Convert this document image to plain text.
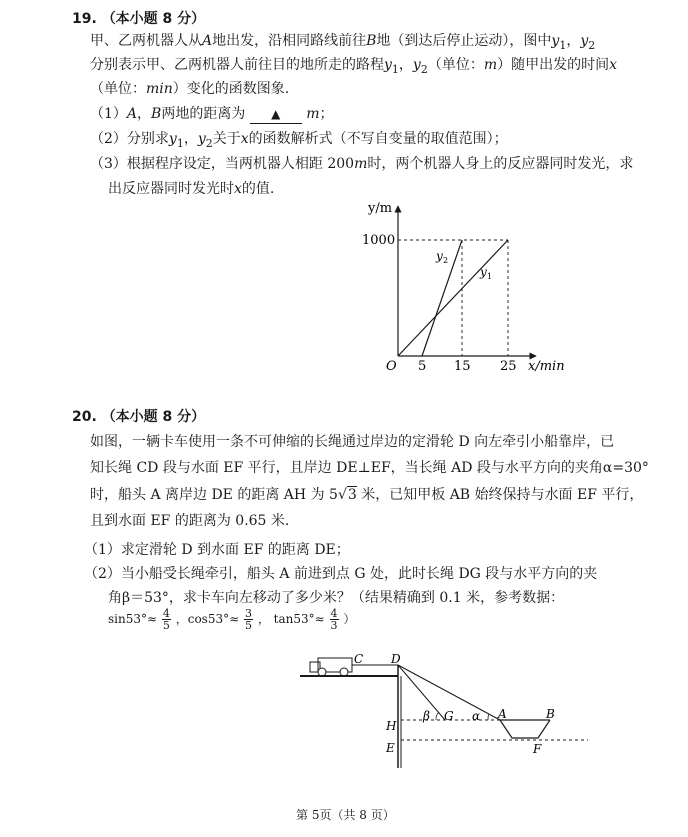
19. （本小题 8 分）
甲、乙两机器人从A地出发，沿相同路线前往B地（到达后停止运动），图中$y_1$，$y_2$
分别表示甲、乙两机器人前往目的地所走的路程$y_1$，$y_2$（单位：m）随甲出发的时间x
（单位：min）变化的函数图象.
（1）A，B两地的距离为 ▲ m；
（2）分别求$y_1$，$y_2$关于x的函数解析式（不写自变量的取值范围）；
（3）根据程序设定，当两机器人相距 200m时，两个机器人身上的反应器同时发光，求
出反应器同时发光时x的值.
y/m
1000
O 5 15 25 x/min
y 2
y 1
20. （本小题 8 分）
如图，一辆卡车使用一条不可伸缩的长绳通过岸边的定滑轮 D 向左牵引小船靠岸，已
知长绳 CD 段与水面 EF 平行，且岸边 DE⊥EF，当长绳 AD 段与水平方向的夹角α=30°
时，船头 A 离岸边 DE 的距离 AH 为 5√3 米，已知甲板 AB 始终保持与水面 EF 平行，
且到水面 EF 的距离为 0.65 米.
（1）求定滑轮 D 到水面 EF 的距离 DE；
（2）当小船受长绳牵引，船头 A 前进到点 G 处，此时长绳 DG 段与水平方向的夹
角β＝53°，求卡车向左移动了多少米？（结果精确到 0.1 米，参考数据：
$\sin 53^\circ\approx \frac{4}{5}$ ，$\cos 53^\circ\approx \frac{3}{5}$ ， $\tan 53^\circ\approx \frac{4}{3}$ ）
C D
H
E
β G α A	B
F
第 5页（共 8 页）
